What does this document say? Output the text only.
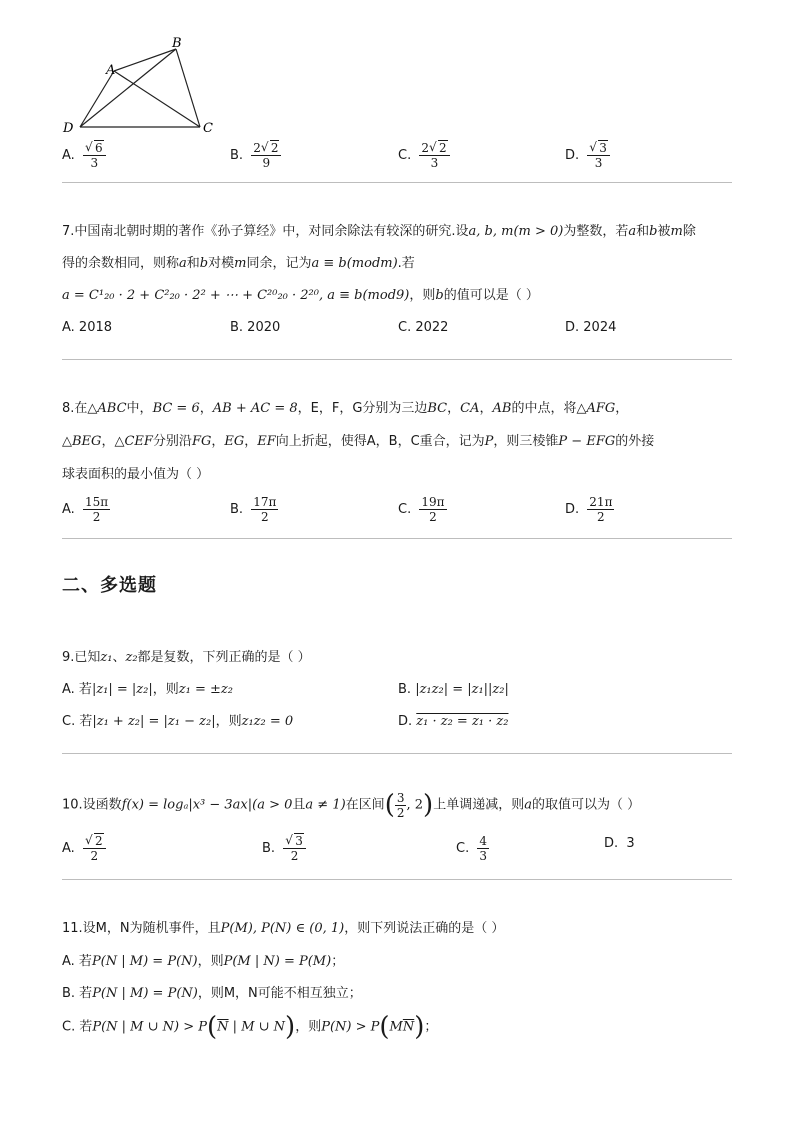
A
B
C
D
A. √ $\frac{6}{3}$	B. $\frac{2 √ 2}{9}$	C. $\frac{2 √ 2}{3}$	D. √ $\frac{3}{3}$
7.中国南北朝时期的著作《孙子算经》中，对同余除法有较深的研究.设a, b, m(m > 0)为整数，若a和b被m除
得的余数相同，则称a和b对模m同余，记为a ≡ b(modm).若
a = C¹₂₀ · 2 + C²₂₀ · 2² + ⋯ + C²⁰₂₀ · 2²⁰, a ≡ b(mod9)，则b的值可以是（ ）
A. 2018	B. 2020	C. 2022	D. 2024
8.在△ABC中，BC = 6，AB + AC = 8，E，F，G分别为三边BC，CA，AB的中点，将△AFG，
△BEG，△CEF分别沿FG，EG，EF向上折起，使得A，B，C重合，记为P，则三棱锥P − EFG的外接
球表面积的最小值为（ ）
A. $\frac{15\pi}{2}$	B. $\frac{17\pi}{2}$	C. $\frac{19\pi}{2}$	D. $\frac{21\pi}{2}$
二、多选题
9.已知z₁、z₂都是复数，下列正确的是（ ）
A. 若|z₁| = |z₂|，则z₁ = ±z₂	B. |z₁z₂| = |z₁||z₂|
C. 若|z₁ + z₂| = |z₁ − z₂|，则z₁z₂ = 0	D. z₁ · z₂ = z₁ · z₂
10.设函数f(x) = logₐ|x³ − 3ax|(a > 0且a ≠ 1)在区间( $\frac{3}{2}$ , 2)上单调递减，则a的取值可以为（ ）
A. √ $\frac{2}{2}$	B. √ $\frac{3}{2}$	C. $\frac{4}{3}$	D. 3
11.设M，N为随机事件，且P(M), P(N) ∈ (0, 1)，则下列说法正确的是（ ）
A. 若P(N | M) = P(N)，则P(M | N) = P(M)；
B. 若P(N | M) = P(N)，则M，N可能不相互独立；
C. 若P(N | M ∪ $N) > P(\overline{N}$ | M ∪ N)，则$P(N) > P(M\overline{N})$；
